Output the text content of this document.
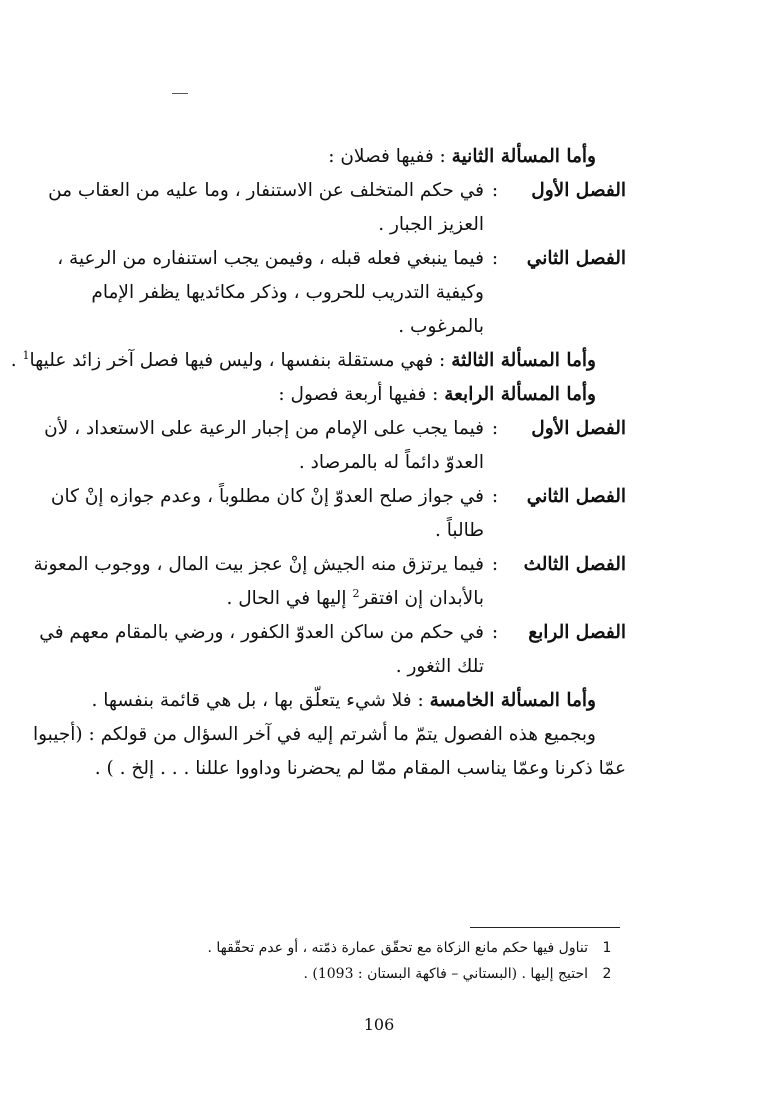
وأما المسألة الثانية : ففيها فصلان :
الفصل الأول
:
في حكم المتخلف عن الاستنفار ، وما عليه من العقاب من
العزيز الجبار .
الفصل الثاني
:
فيما ينبغي فعله قبله ، وفيمن يجب استنفاره من الرعية ،
وكيفية التدريب للحروب ، وذكر مكائديها يظفر الإمام
بالمرغوب .
وأما المسألة الثالثة : فهي مستقلة بنفسها ، وليس فيها فصل آخر زائد عليها$^1$ .
وأما المسألة الرابعة : ففيها أربعة فصول :
الفصل الأول
:
فيما يجب على الإمام من إجبار الرعية على الاستعداد ، لأن
العدوّ دائماً له بالمرصاد .
الفصل الثاني
:
في جواز صلح العدوّ إنْ كان مطلوباً ، وعدم جوازه إنْ كان
طالباً .
الفصل الثالث
:
فيما يرتزق منه الجيش إنْ عجز بيت المال ، ووجوب المعونة
بالأبدان إن افتقر$^2$ إليها في الحال .
الفصل الرابع
:
في حكم من ساكن العدوّ الكفور ، ورضي بالمقام معهم في
تلك الثغور .
وأما المسألة الخامسة : فلا شيء يتعلّق بها ، بل هي قائمة بنفسها .
وبجميع هذه الفصول يتمّ ما أشرتم إليه في آخر السؤال من قولكم : (أجيبوا
عمّا ذكرنا وعمّا يناسب المقام ممّا لم يحضرنا وداووا عللنا . . . إلخ . ) .
1
تناول فيها حكم مانع الزكاة مع تحقّق عمارة ذمّته ، أو عدم تحقّقها .
2
احتيج إليها . (البستاني – فاكهة البستان : 1093) .
106
